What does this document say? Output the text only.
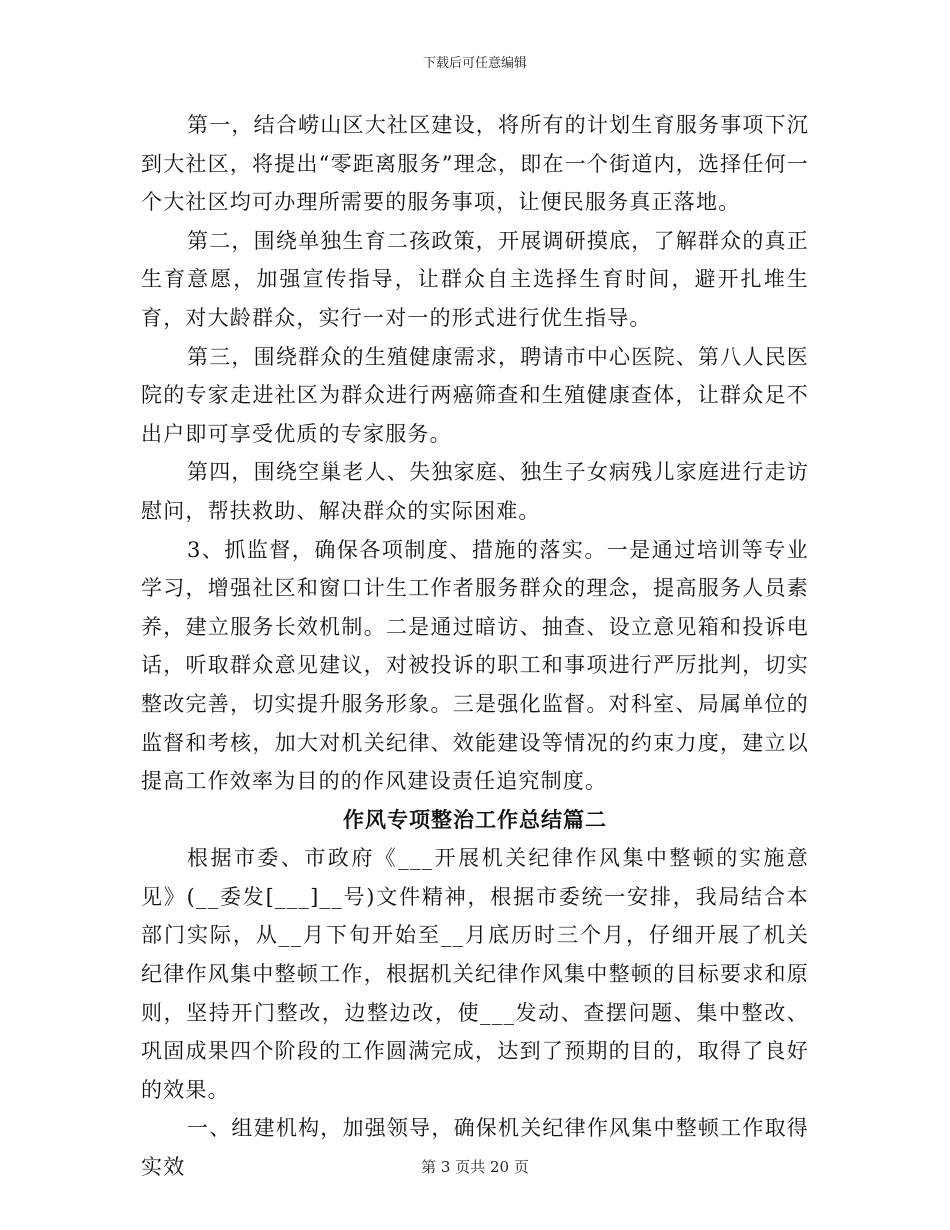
下载后可任意编辑

第一，结合崂山区大社区建设，将所有的计划生育服务事项下沉到大社区，将提出“零距离服务”理念，即在一个街道内，选择任何一个大社区均可办理所需要的服务事项，让便民服务真正落地。

第二，围绕单独生育二孩政策，开展调研摸底，了解群众的真正生育意愿，加强宣传指导，让群众自主选择生育时间，避开扎堆生育，对大龄群众，实行一对一的形式进行优生指导。

第三，围绕群众的生殖健康需求，聘请市中心医院、第八人民医院的专家走进社区为群众进行两癌筛查和生殖健康查体，让群众足不出户即可享受优质的专家服务。

第四，围绕空巢老人、失独家庭、独生子女病残儿家庭进行走访慰问，帮扶救助、解决群众的实际困难。

3、抓监督，确保各项制度、措施的落实。一是通过培训等专业学习，增强社区和窗口计生工作者服务群众的理念，提高服务人员素养，建立服务长效机制。二是通过暗访、抽查、设立意见箱和投诉电话，听取群众意见建议，对被投诉的职工和事项进行严厉批判，切实整改完善，切实提升服务形象。三是强化监督。对科室、局属单位的监督和考核，加大对机关纪律、效能建设等情况的约束力度，建立以提高工作效率为目的的作风建设责任追究制度。

作风专项整治工作总结篇二

根据市委、市政府《___开展机关纪律作风集中整顿的实施意见》(__委发[___]__号)文件精神，根据市委统一安排，我局结合本部门实际，从__月下旬开始至__月底历时三个月，仔细开展了机关纪律作风集中整顿工作，根据机关纪律作风集中整顿的目标要求和原则，坚持开门整改，边整边改，使___发动、查摆问题、集中整改、巩固成果四个阶段的工作圆满完成，达到了预期的目的，取得了良好的效果。

一、组建机构，加强领导，确保机关纪律作风集中整顿工作取得实效	第 3 页共 20 页
